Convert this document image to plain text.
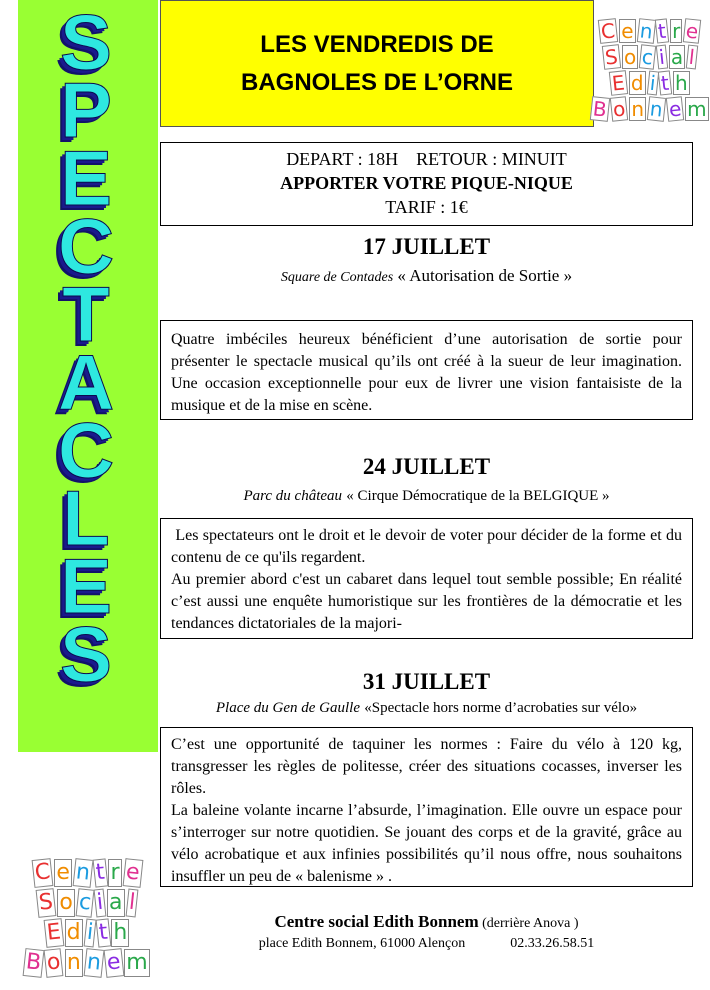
S
P
E
C
T
A
C
L
E
S
LES VENDREDIS DE
BAGNOLES DE L’ORNE
C e n t r e
S o c i a l
E d i t h
B o n n e m
C e n t r e
S o c i a l
E d i t h
B o n n e m
DEPART : 18H    RETOUR : MINUIT
APPORTER VOTRE PIQUE-NIQUE
TARIF : 1€
17 JUILLET
Square de Contades « Autorisation de Sortie »

Quatre imbéciles heureux bénéficient d’une autorisation de sortie pour présenter le spectacle musical qu’ils ont créé à la sueur de leur imagination. Une occasion exceptionnelle pour eux de livrer une vision fantaisiste de la musique et de la mise en scène.

24 JUILLET
Parc du château « Cirque Démocratique de la BELGIQUE »

Les spectateurs ont le droit et le devoir de voter pour décider de la forme et du contenu de ce qu'ils regardent.

Au premier abord c'est un cabaret dans lequel tout semble possible; En réalité c’est aussi une enquête humoristique sur les frontières de la démocratie et les tendances dictatoriales de la majori-

31 JUILLET
Place du Gen de Gaulle «Spectacle hors norme d’acrobaties sur vélo»

C’est une opportunité de taquiner les normes : Faire du vélo à 120 kg, transgresser les règles de politesse, créer des situations cocasses, inverser les rôles.

La baleine volante incarne l’absurde, l’imagination. Elle ouvre un espace pour s’interroger sur notre quotidien. Se jouant des corps et de la gravité, grâce au vélo acrobatique et aux infinies possibilités qu’il nous offre, nous souhaitons insuffler un peu de « balenisme » .

Centre social Edith Bonnem (derrière Anova )
place Edith Bonnem, 61000 Alençon	02.33.26.58.51
